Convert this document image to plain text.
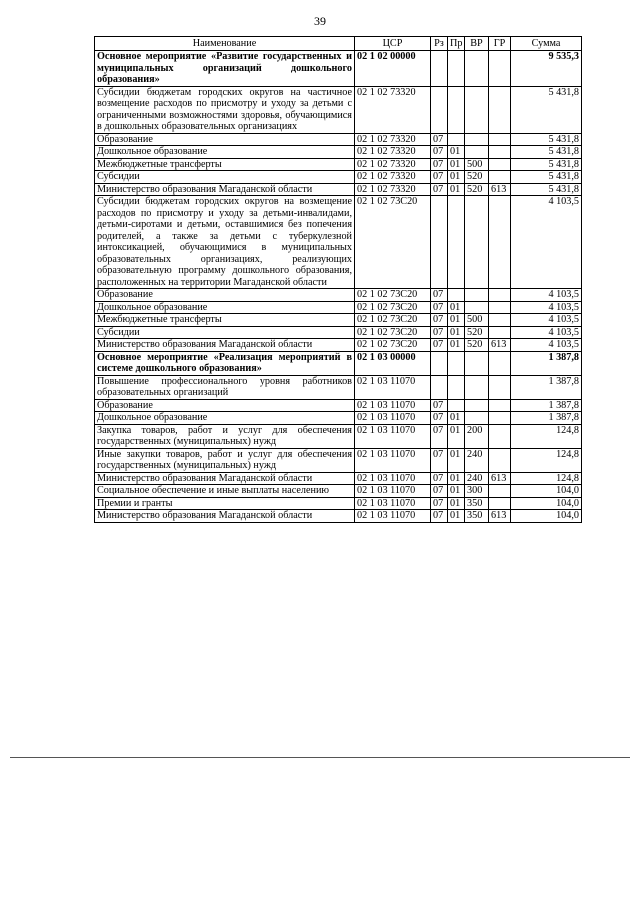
39
Наименование	ЦСР	Рз	Пр	ВР	ГР	Сумма
Основное мероприятие «Развитие государственных и муниципальных организаций дошкольного образования»	02 1 02 00000					9 535,3
Субсидии бюджетам городских округов на частичное возмещение расходов по присмотру и уходу за детьми с ограниченными возможностями здоровья, обучающимися в дошкольных образовательных организациях	02 1 02 73320					5 431,8
Образование	02 1 02 73320	07				5 431,8
Дошкольное образование	02 1 02 73320	07	01			5 431,8
Межбюджетные трансферты	02 1 02 73320	07	01	500		5 431,8
Субсидии	02 1 02 73320	07	01	520		5 431,8
Министерство образования Магаданской области	02 1 02 73320	07	01	520	613	5 431,8
Субсидии бюджетам городских округов на возмещение расходов по присмотру и уходу за детьми-инвалидами, детьми-сиротами и детьми, оставшимися без попечения родителей, а также за детьми с туберкулезной интоксикацией, обучающимися в муниципальных образовательных организациях, реализующих образовательную программу дошкольного образования, расположенных на территории Магаданской области	02 1 02 73С20					4 103,5
Образование	02 1 02 73С20	07				4 103,5
Дошкольное образование	02 1 02 73С20	07	01			4 103,5
Межбюджетные трансферты	02 1 02 73С20	07	01	500		4 103,5
Субсидии	02 1 02 73С20	07	01	520		4 103,5
Министерство образования Магаданской области	02 1 02 73С20	07	01	520	613	4 103,5
Основное мероприятие «Реализация мероприятий в системе дошкольного образования»	02 1 03 00000					1 387,8
Повышение профессионального уровня работников образовательных организаций	02 1 03 11070					1 387,8
Образование	02 1 03 11070	07				1 387,8
Дошкольное образование	02 1 03 11070	07	01			1 387,8
Закупка товаров, работ и услуг для обеспечения государственных (муниципальных) нужд	02 1 03 11070	07	01	200		124,8
Иные закупки товаров, работ и услуг для обеспечения государственных (муниципальных) нужд	02 1 03 11070	07	01	240		124,8
Министерство образования Магаданской области	02 1 03 11070	07	01	240	613	124,8
Социальное обеспечение и иные выплаты населению	02 1 03 11070	07	01	300		104,0
Премии и гранты	02 1 03 11070	07	01	350		104,0
Министерство образования Магаданской области	02 1 03 11070	07	01	350	613	104,0
